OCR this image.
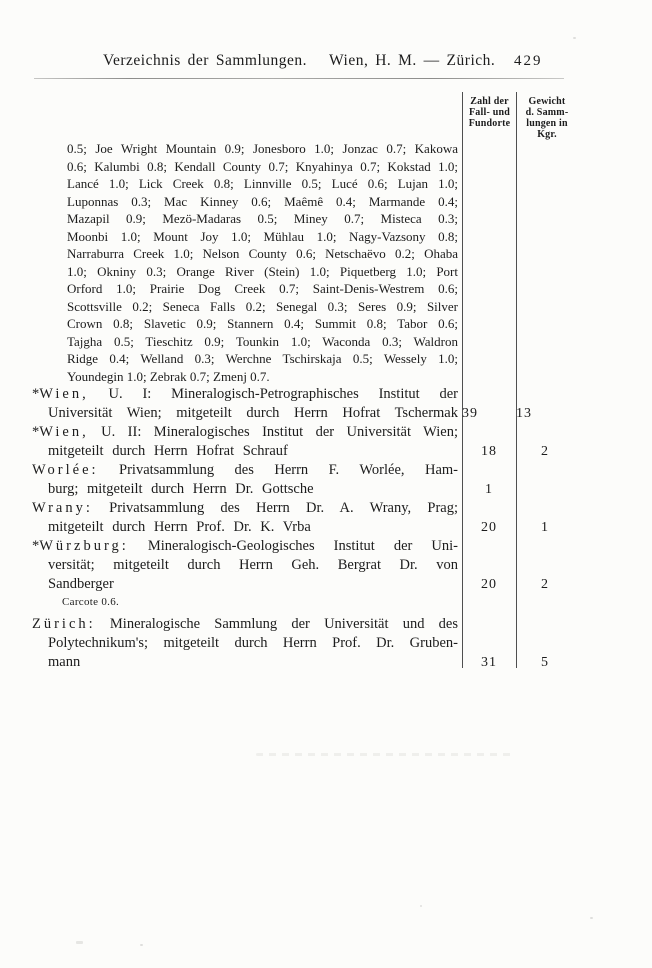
Verzeichnis der Sammlungen. Wien, H. M. — Zürich. 429
Zahl der
Fall- und
Fundorte
Gewicht
d. Samm-
lungen in
Kgr.
0.5; Joe Wright Mountain 0.9; Jonesboro 1.0; Jonzac 0.7; Kakowa
0.6; Kalumbi 0.8; Kendall County 0.7; Knyahinya 0.7; Kokstad 1.0;
Lancé 1.0; Lick Creek 0.8; Linnville 0.5; Lucé 0.6; Lujan 1.0;
Luponnas 0.3; Mac Kinney 0.6; Maêmê 0.4; Marmande 0.4;
Mazapil 0.9; Mezö-Madaras 0.5; Miney 0.7; Misteca 0.3;
Moonbi 1.0; Mount Joy 1.0; Mühlau 1.0; Nagy-Vazsony 0.8;
Narraburra Creek 1.0; Nelson County 0.6; Netschaëvo 0.2; Ohaba
1.0; Okniny 0.3; Orange River (Stein) 1.0; Piquetberg 1.0; Port
Orford 1.0; Prairie Dog Creek 0.7; Saint-Denis-Westrem 0.6;
Scottsville 0.2; Seneca Falls 0.2; Senegal 0.3; Seres 0.9; Silver
Crown 0.8; Slavetic 0.9; Stannern 0.4; Summit 0.8; Tabor 0.6;
Tajgha 0.5; Tieschitz 0.9; Tounkin 1.0; Waconda 0.3; Waldron
Ridge 0.4; Welland 0.3; Werchne Tschirskaja 0.5; Wessely 1.0;
Youndegin 1.0; Zebrak 0.7; Zmenj 0.7.
*Wien, U. I: Mineralogisch-Petrographisches Institut der
Universität Wien; mitgeteilt durch Herrn Hofrat Tschermak 39	13
*Wien, U. II: Mineralogisches Institut der Universität Wien;
mitgeteilt durch Herrn Hofrat Schrauf	18	2
Worlée: Privatsammlung des Herrn F. Worlée, Ham-
burg; mitgeteilt durch Herrn Dr. Gottsche	1
Wrany: Privatsammlung des Herrn Dr. A. Wrany, Prag;
mitgeteilt durch Herrn Prof. Dr. K. Vrba	20	1
*Würzburg: Mineralogisch-Geologisches Institut der Uni-
versität; mitgeteilt durch Herrn Geh. Bergrat Dr. von
Sandberger	20	2
Carcote 0.6.
Zürich: Mineralogische Sammlung der Universität und des
Polytechnikum's; mitgeteilt durch Herrn Prof. Dr. Gruben-
mann	31	5
